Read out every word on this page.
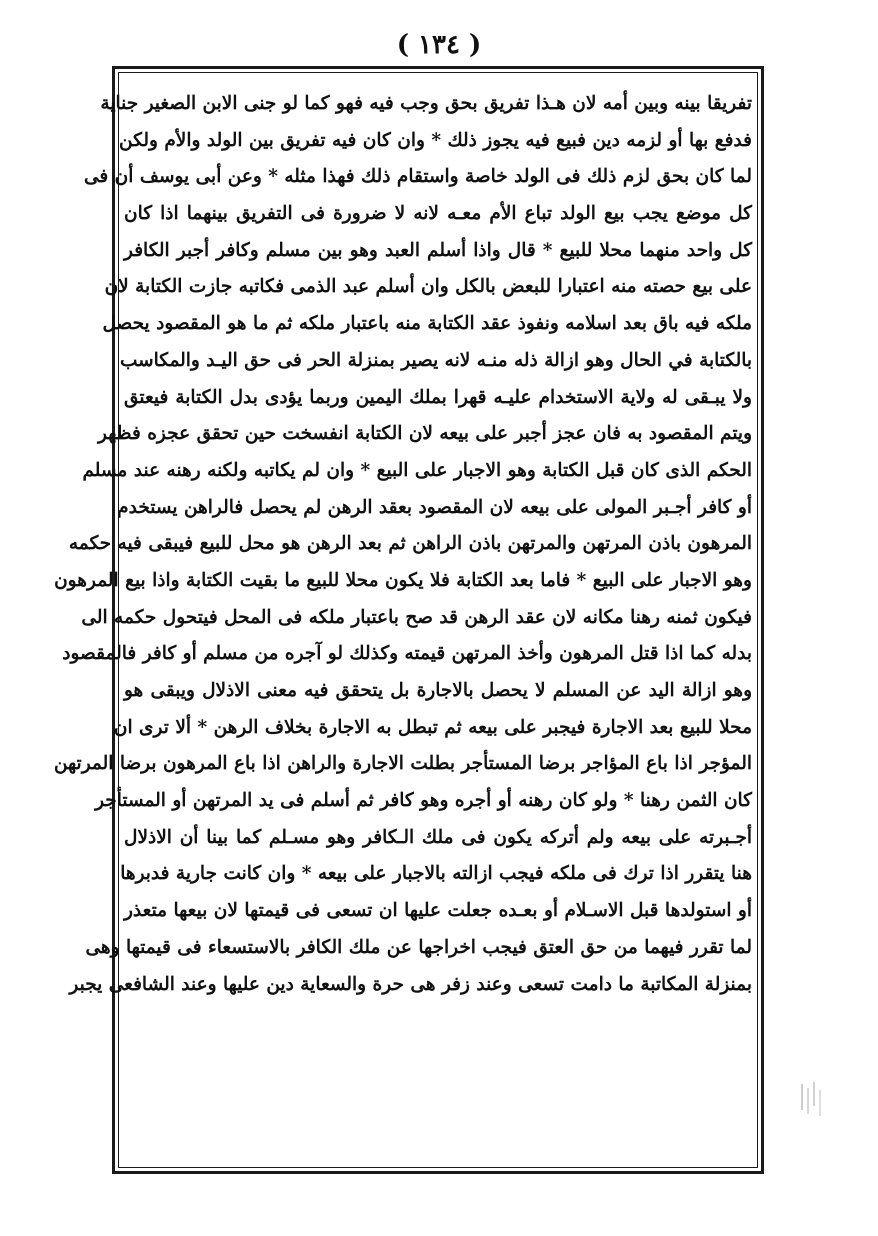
( ١٣٤ )
تفريقا بينه وبين أمه لان هـذا تفريق بحق وجب فيه فهو كما لو جنى الابن الصغير جناية
فدفع بها أو لزمه دين فبيع فيه يجوز ذلك * وان كان فيه تفريق بين الولد والأم ولكن
لما كان بحق لزم ذلك فى الولد خاصة واستقام ذلك فهذا مثله * وعن أبى يوسف أن فى
كل موضع يجب بيع الولد تباع الأم معـه لانه لا ضرورة فى التفريق بينهما اذا كان
كل واحد منهما محلا للبيع * قال واذا أسلم العبد وهو بين مسلم وكافر أجبر الكافر
على بيع حصته منه اعتبارا للبعض بالكل وان أسلم عبد الذمى فكاتبه جازت الكتابة لان
ملكه فيه باق بعد اسلامه ونفوذ عقد الكتابة منه باعتبار ملكه ثم ما هو المقصود يحصل
بالكتابة في الحال وهو ازالة ذله منـه لانه يصير بمنزلة الحر فى حق اليـد والمكاسب
ولا يبـقى له ولاية الاستخدام عليـه قهرا بملك اليمين وربما يؤدى بدل الكتابة فيعتق
ويتم المقصود به فان عجز أجبر على بيعه لان الكتابة انفسخت حين تحقق عجزه فظهر
الحكم الذى كان قبل الكتابة وهو الاجبار على البيع * وان لم يكاتبه ولكنه رهنه عند مسلم
أو كافر أجـبر المولى على بيعه لان المقصود بعقد الرهن لم يحصل فالراهن يستخدم
المرهون باذن المرتهن والمرتهن باذن الراهن ثم بعد الرهن هو محل للبيع فيبقى فيه حكمه
وهو الاجبار على البيع * فاما بعد الكتابة فلا يكون محلا للبيع ما بقيت الكتابة واذا بيع المرهون
فيكون ثمنه رهنا مكانه لان عقد الرهن قد صح باعتبار ملكه فى المحل فيتحول حكمه الى
بدله كما اذا قتل المرهون وأخذ المرتهن قيمته وكذلك لو آجره من مسلم أو كافر فالمقصود
وهو ازالة اليد عن المسلم لا يحصل بالاجارة بل يتحقق فيه معنى الاذلال ويبقى هو
محلا للبيع بعد الاجارة فيجبر على بيعه ثم تبطل به الاجارة بخلاف الرهن * ألا ترى ان
المؤجر اذا باع المؤاجر برضا المستأجر بطلت الاجارة والراهن اذا باع المرهون برضا المرتهن
كان الثمن رهنا * ولو كان رهنه أو أجره وهو كافر ثم أسلم فى يد المرتهن أو المستأجر
أجـبرته على بيعه ولم أتركه يكون فى ملك الـكافر وهو مسـلم كما بينا أن الاذلال
هنا يتقرر اذا ترك فى ملكه فيجب ازالته بالاجبار على بيعه * وان كانت جارية فدبرها
أو استولدها قبل الاسـلام أو بعـده جعلت عليها ان تسعى فى قيمتها لان بيعها متعذر
لما تقرر فيهما من حق العتق فيجب اخراجها عن ملك الكافر بالاستسعاء فى قيمتها وهى
بمنزلة المكاتبة ما دامت تسعى وعند زفر هى حرة والسعاية دين عليها وعند الشافعى يجبر
